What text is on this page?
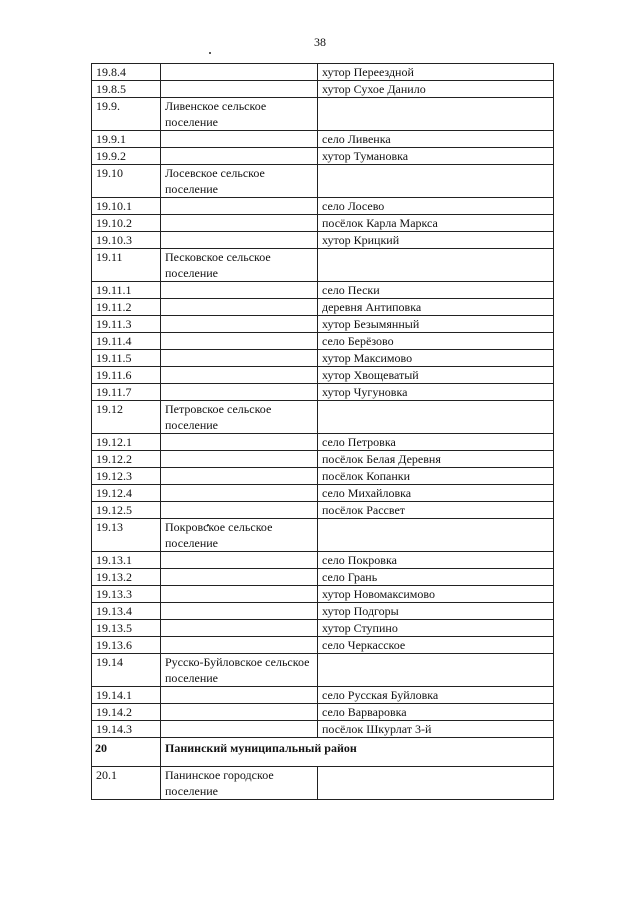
38
19.8.4		хутор Переездной
19.8.5		хутор Сухое Данило
19.9.	Ливенское сельское поселение	
19.9.1		село Ливенка
19.9.2		хутор Тумановка
19.10	Лосевское сельское поселение	
19.10.1		село Лосево
19.10.2		посёлок Карла Маркса
19.10.3		хутор Крицкий
19.11	Песковское сельское поселение	
19.11.1		село Пески
19.11.2		деревня Антиповка
19.11.3		хутор Безымянный
19.11.4		село Берёзово
19.11.5		хутор Максимово
19.11.6		хутор Хвощеватый
19.11.7		хутор Чугуновка
19.12	Петровское сельское поселение	
19.12.1		село Петровка
19.12.2		посёлок Белая Деревня
19.12.3		посёлок Копанки
19.12.4		село Михайловка
19.12.5		посёлок Рассвет
19.13	Покровское сельское поселение	
19.13.1		село Покровка
19.13.2		село Грань
19.13.3		хутор Новомаксимово
19.13.4		хутор Подгоры
19.13.5		хутор Ступино
19.13.6		село Черкасское
19.14	Русско-Буйловское сельское поселение	
19.14.1		село Русская Буйловка
19.14.2		село Варваровка
19.14.3		посёлок Шкурлат 3-й
20	Панинский муниципальный район	
20.1	Панинское городское поселение	
